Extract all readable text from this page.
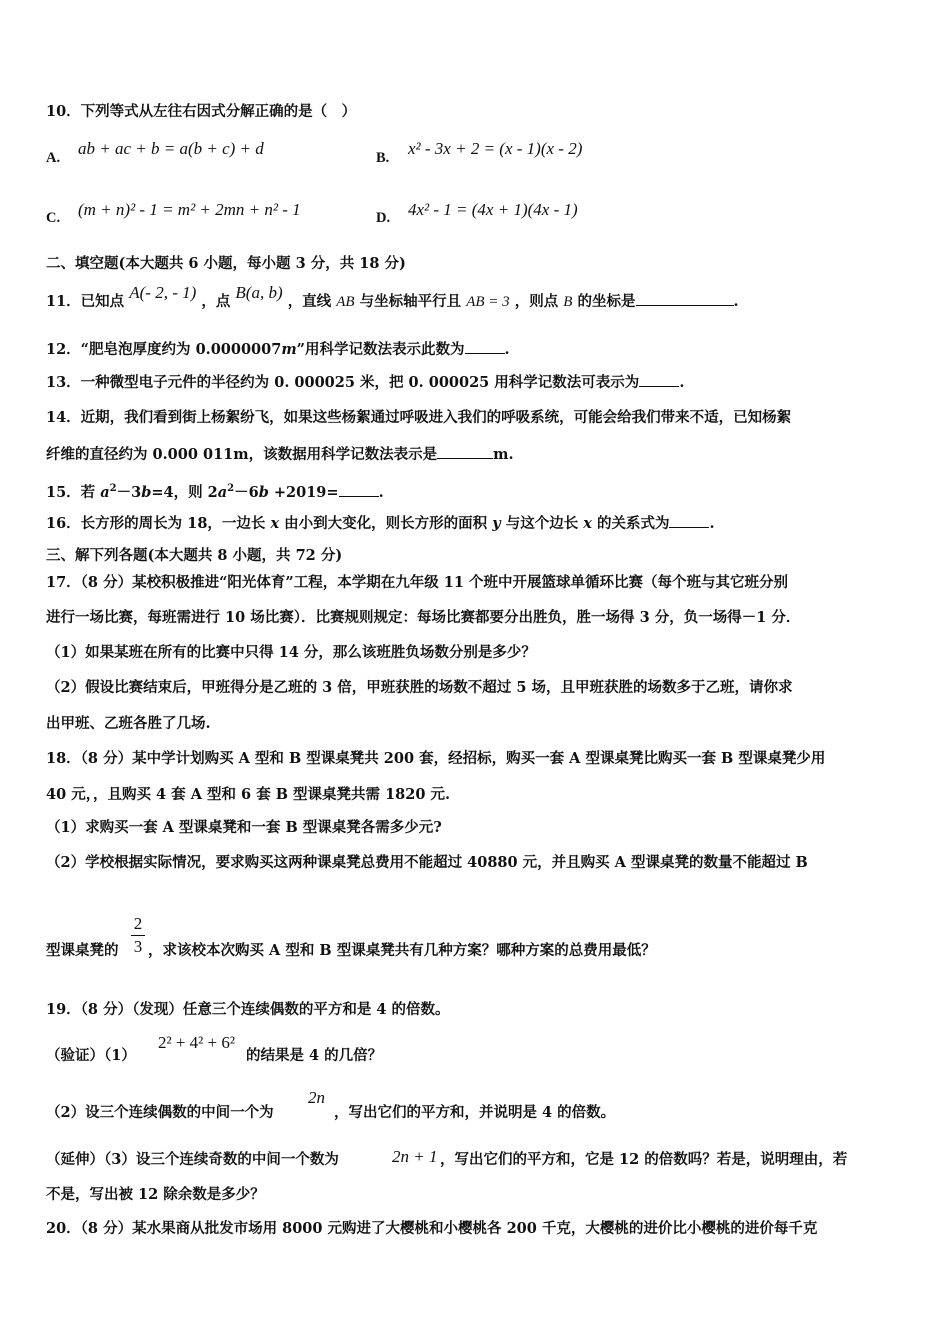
10．下列等式从左往右因式分解正确的是（　）
A. ab + ac + b = a(b + c) + d	B. x² - 3x + 2 = (x - 1)(x - 2)
C. (m + n)² - 1 = m² + 2mn + n² - 1	D. 4x² - 1 = (4x + 1)(4x - 1)
二、填空题(本大题共 6 小题，每小题 3 分，共 18 分)
11．已知点 A(- 2, - 1) ，点 B(a, b) ，直线 AB 与坐标轴平行且 AB = 3 ，则点 B 的坐标是	.
12．“肥皂泡厚度约为 0.0000007m”用科学记数法表示此数为	.
13．一种微型电子元件的半径约为 0. 000025 米，把 0. 000025 用科学记数法可表示为	.
14．近期，我们看到街上杨絮纷飞，如果这些杨絮通过呼吸进入我们的呼吸系统，可能会给我们带来不适，已知杨絮
纤维的直径约为 0.000 011m，该数据用科学记数法表示是	m.
15．若 $a^2-3b=4$，则 $2a^2-6b +2019=$	.
16．长方形的周长为 18，一边长 x 由小到大变化，则长方形的面积 y 与这个边长 x 的关系式为	.
三、解下列各题(本大题共 8 小题，共 72 分)
17．（8 分）某校积极推进“阳光体育”工程，本学期在九年级 11 个班中开展篮球单循环比赛（每个班与其它班分别
进行一场比赛，每班需进行 10 场比赛）．比赛规则规定：每场比赛都要分出胜负，胜一场得 3 分，负一场得－1 分．
（1）如果某班在所有的比赛中只得 14 分，那么该班胜负场数分别是多少？
（2）假设比赛结束后，甲班得分是乙班的 3 倍，甲班获胜的场数不超过 5 场，且甲班获胜的场数多于乙班，请你求
出甲班、乙班各胜了几场.
18．（8 分）某中学计划购买 A 型和 B 型课桌凳共 200 套，经招标，购买一套 A 型课桌凳比购买一套 B 型课桌凳少用
40 元，，且购买 4 套 A 型和 6 套 B 型课桌凳共需 1820 元.
（1）求购买一套 A 型课桌凳和一套 B 型课桌凳各需多少元?
（2）学校根据实际情况，要求购买这两种课桌凳总费用不能超过 40880 元，并且购买 A 型课桌凳的数量不能超过 B
型课桌凳的
2
3 ，求该校本次购买 A 型和 B 型课桌凳共有几种方案？哪种方案的总费用最低？
19．（8 分）（发现）任意三个连续偶数的平方和是 4 的倍数。
（验证）（1）
2² + 4² + 6²
的结果是 4 的几倍？
（2）设三个连续偶数的中间一个为
2n
，写出它们的平方和，并说明是 4 的倍数。
（延伸）（3）设三个连续奇数的中间一个数为	2n + 1 ，写出它们的平方和，它是 12 的倍数吗？若是，说明理由，若
不是，写出被 12 除余数是多少？
20．（8 分）某水果商从批发市场用 8000 元购进了大樱桃和小樱桃各 200 千克，大樱桃的进价比小樱桃的进价每千克
